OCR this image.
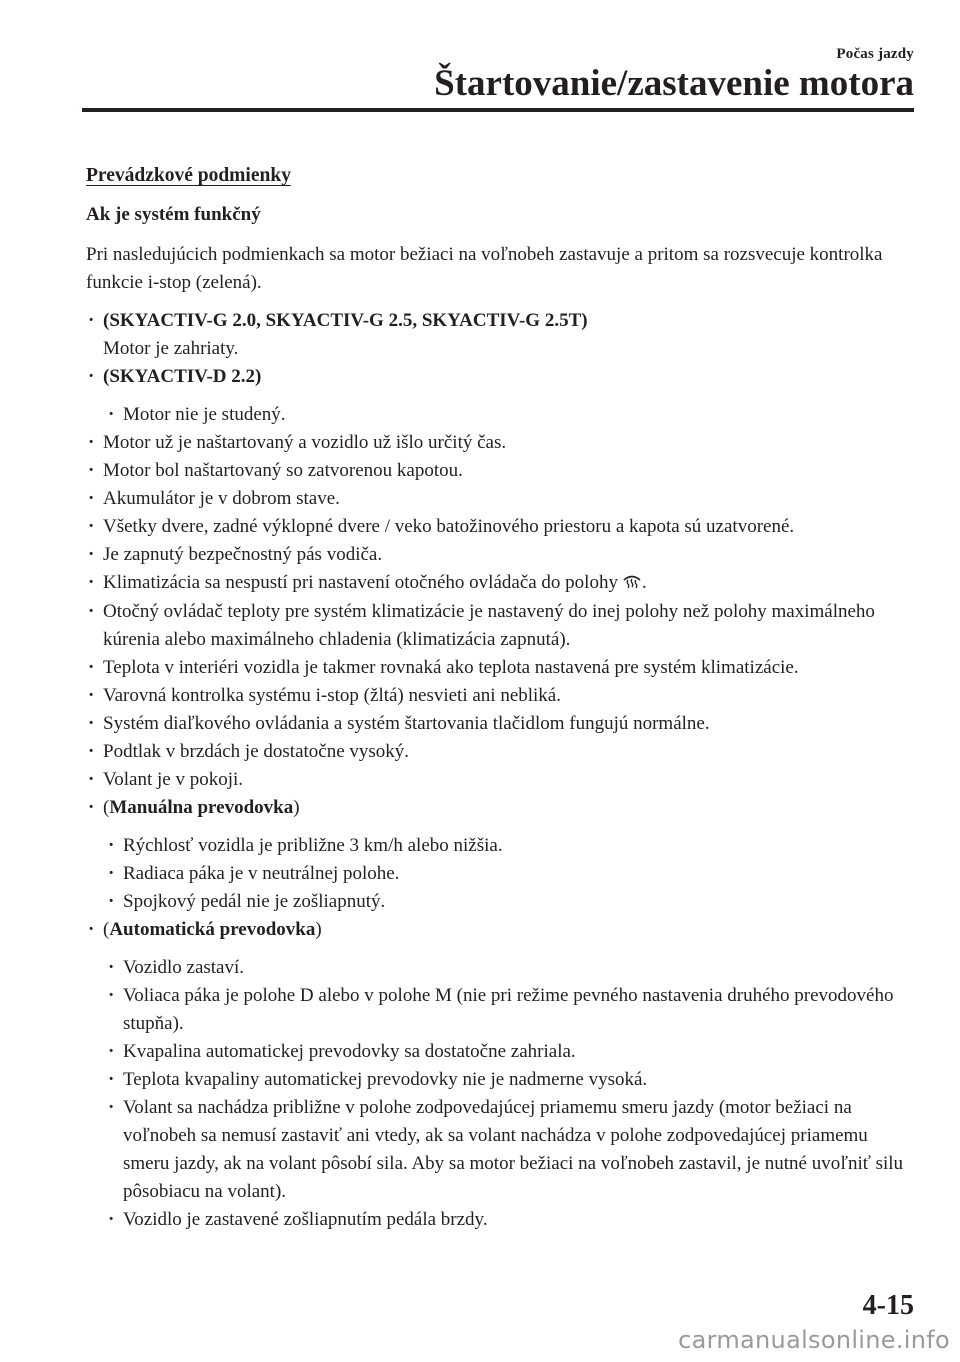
Počas jazdy
Štartovanie/zastavenie motora
Prevádzkové podmienky
Ak je systém funkčný
Pri nasledujúcich podmienkach sa motor bežiaci na voľnobeh zastavuje a pritom sa rozsvecuje kontrolka funkcie i-stop (zelená).
· (SKYACTIV-G 2.0, SKYACTIV-G 2.5, SKYACTIV-G 2.5T)
Motor je zahriaty.
· (SKYACTIV-D 2.2)
· Motor nie je studený.
· Motor už je naštartovaný a vozidlo už išlo určitý čas.
· Motor bol naštartovaný so zatvorenou kapotou.
· Akumulátor je v dobrom stave.
· Všetky dvere, zadné výklopné dvere / veko batožinového priestoru a kapota sú uzatvorené.
· Je zapnutý bezpečnostný pás vodiča.
· Klimatizácia sa nespustí pri nastavení otočného ovládača do polohy .
· Otočný ovládač teploty pre systém klimatizácie je nastavený do inej polohy než polohy maximálneho kúrenia alebo maximálneho chladenia (klimatizácia zapnutá).
· Teplota v interiéri vozidla je takmer rovnaká ako teplota nastavená pre systém klimatizácie.
· Varovná kontrolka systému i-stop (žltá) nesvieti ani nebliká.
· Systém diaľkového ovládania a systém štartovania tlačidlom fungujú normálne.
· Podtlak v brzdách je dostatočne vysoký.
· Volant je v pokoji.
· (Manuálna prevodovka)
· Rýchlosť vozidla je približne 3 km/h alebo nižšia.
· Radiaca páka je v neutrálnej polohe.
· Spojkový pedál nie je zošliapnutý.
· (Automatická prevodovka)
· Vozidlo zastaví.
· Voliaca páka je polohe D alebo v polohe M (nie pri režime pevného nastavenia druhého prevodového stupňa).
· Kvapalina automatickej prevodovky sa dostatočne zahriala.
· Teplota kvapaliny automatickej prevodovky nie je nadmerne vysoká.
· Volant sa nachádza približne v polohe zodpovedajúcej priamemu smeru jazdy (motor bežiaci na voľnobeh sa nemusí zastaviť ani vtedy, ak sa volant nachádza v polohe zodpovedajúcej priamemu smeru jazdy, ak na volant pôsobí sila. Aby sa motor bežiaci na voľnobeh zastavil, je nutné uvoľniť silu pôsobiacu na volant).
· Vozidlo je zastavené zošliapnutím pedála brzdy.
4-15
carmanualsonline.info
